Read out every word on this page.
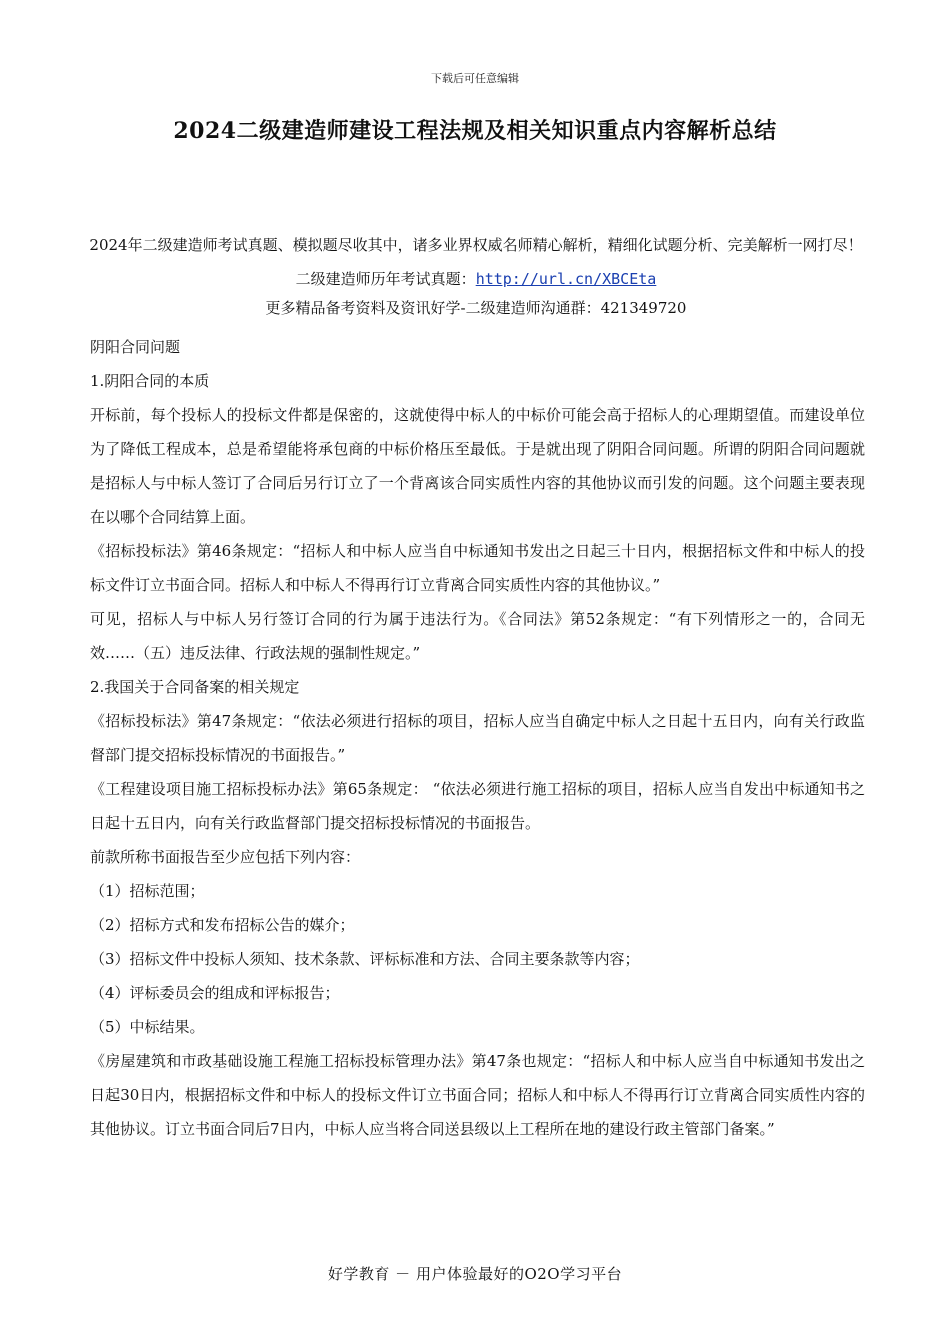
下载后可任意编辑
2024二级建造师建设工程法规及相关知识重点内容解析总结
2024年二级建造师考试真题、模拟题尽收其中，诸多业界权威名师精心解析，精细化试题分析、完美解析一网打尽！二级建造师历年考试真题：http://url.cn/XBCEta
更多精品备考资料及资讯好学-二级建造师沟通群：421349720

阴阳合同问题

1.阴阳合同的本质

开标前，每个投标人的投标文件都是保密的，这就使得中标人的中标价可能会高于招标人的心理期望值。而建设单位为了降低工程成本，总是希望能将承包商的中标价格压至最低。于是就出现了阴阳合同问题。所谓的阴阳合同问题就是招标人与中标人签订了合同后另行订立了一个背离该合同实质性内容的其他协议而引发的问题。这个问题主要表现在以哪个合同结算上面。

《招标投标法》第46条规定：“招标人和中标人应当自中标通知书发出之日起三十日内，根据招标文件和中标人的投标文件订立书面合同。招标人和中标人不得再行订立背离合同实质性内容的其他协议。”

可见，招标人与中标人另行签订合同的行为属于违法行为。《合同法》第52条规定：“有下列情形之一的，合同无效……（五）违反法律、行政法规的强制性规定。”

2.我国关于合同备案的相关规定

《招标投标法》第47条规定：“依法必须进行招标的项目，招标人应当自确定中标人之日起十五日内，向有关行政监督部门提交招标投标情况的书面报告。”

《工程建设项目施工招标投标办法》第65条规定： “依法必须进行施工招标的项目，招标人应当自发出中标通知书之日起十五日内，向有关行政监督部门提交招标投标情况的书面报告。

前款所称书面报告至少应包括下列内容：

（1）招标范围；

（2）招标方式和发布招标公告的媒介；

（3）招标文件中投标人须知、技术条款、评标标准和方法、合同主要条款等内容；

（4）评标委员会的组成和评标报告；

（5）中标结果。

《房屋建筑和市政基础设施工程施工招标投标管理办法》第47条也规定：“招标人和中标人应当自中标通知书发出之日起30日内，根据招标文件和中标人的投标文件订立书面合同；招标人和中标人不得再行订立背离合同实质性内容的其他协议。订立书面合同后7日内，中标人应当将合同送县级以上工程所在地的建设行政主管部门备案。”

好学教育 － 用户体验最好的O2O学习平台
